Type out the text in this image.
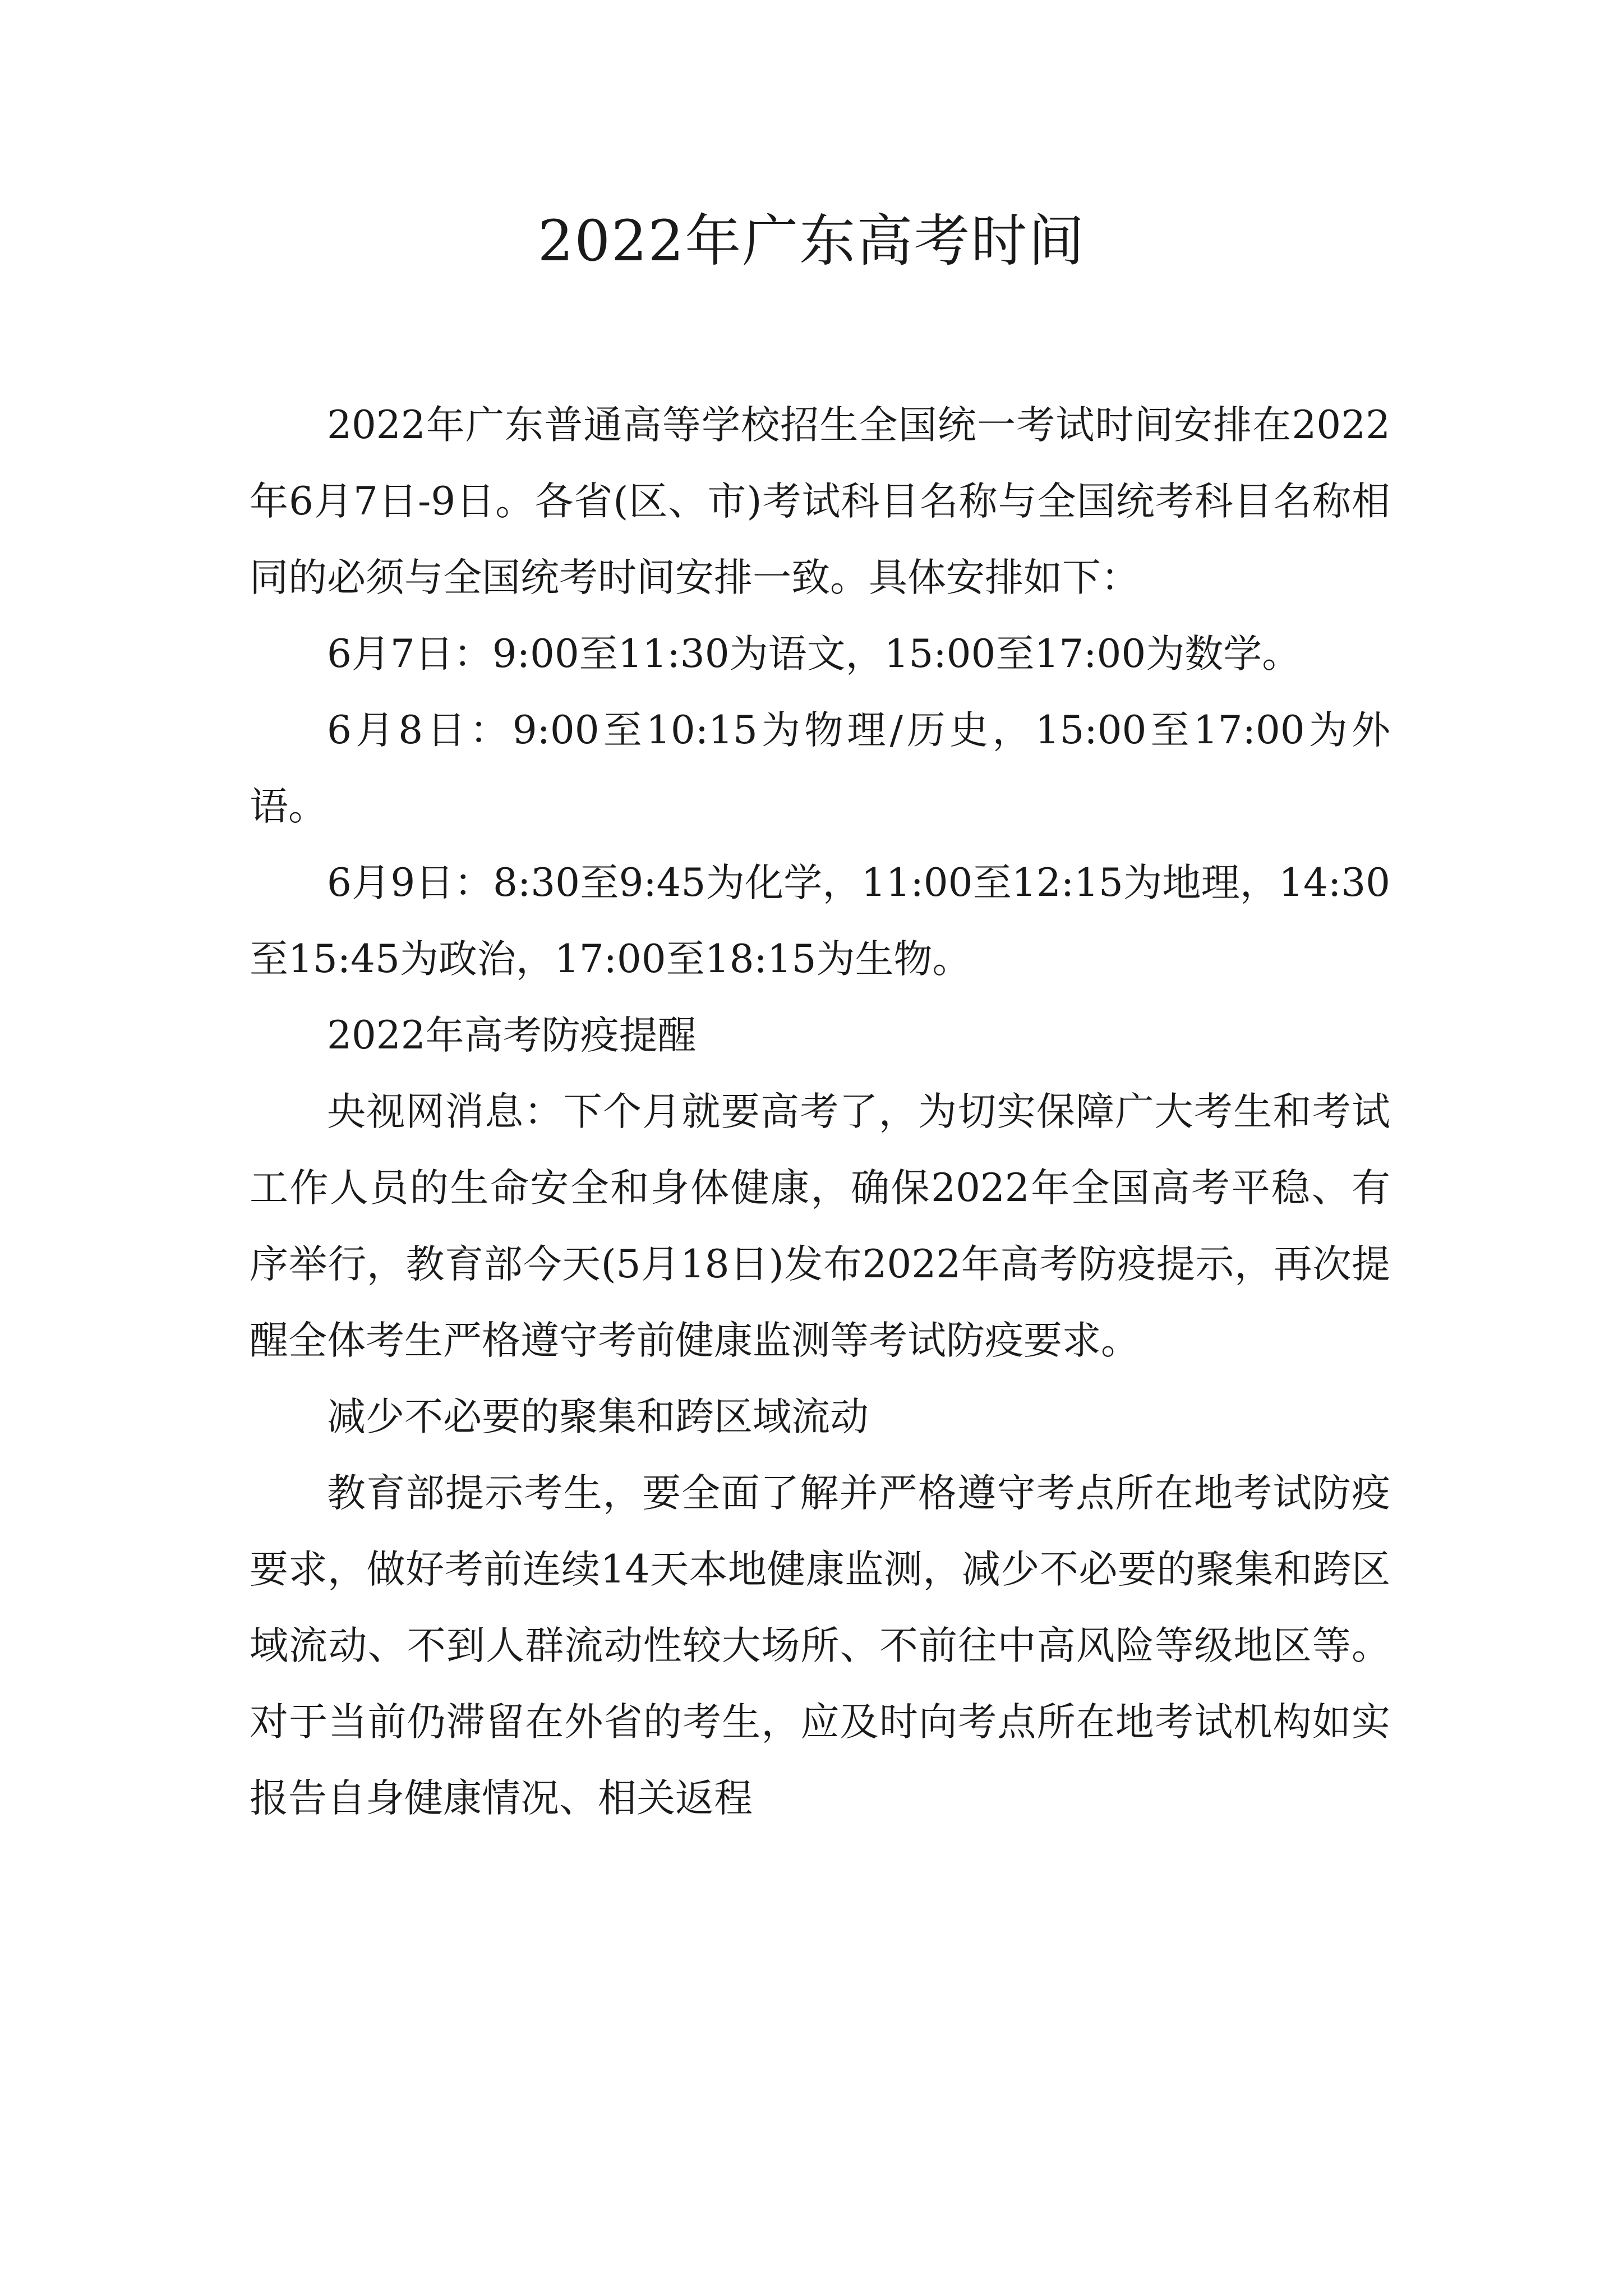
2022年广东高考时间

2022年广东普通高等学校招生全国统一考试时间安排在2022年6月7日-9日。各省(区、市)考试科目名称与全国统考科目名称相同的必须与全国统考时间安排一致。具体安排如下：

6月7日：9:00至11:30为语文，15:00至17:00为数学。

6月8日：9:00至10:15为物理/历史，15:00至17:00为外语。

6月9日：8:30至9:45为化学，11:00至12:15为地理，14:30至15:45为政治，17:00至18:15为生物。

2022年高考防疫提醒

央视网消息：下个月就要高考了，为切实保障广大考生和考试工作人员的生命安全和身体健康，确保2022年全国高考平稳、有序举行，教育部今天(5月18日)发布2022年高考防疫提示，再次提醒全体考生严格遵守考前健康监测等考试防疫要求。

减少不必要的聚集和跨区域流动

教育部提示考生，要全面了解并严格遵守考点所在地考试防疫要求，做好考前连续14天本地健康监测，减少不必要的聚集和跨区域流动、不到人群流动性较大场所、不前往中高风险等级地区等。对于当前仍滞留在外省的考生，应及时向考点所在地考试机构如实报告自身健康情况、相关返程
